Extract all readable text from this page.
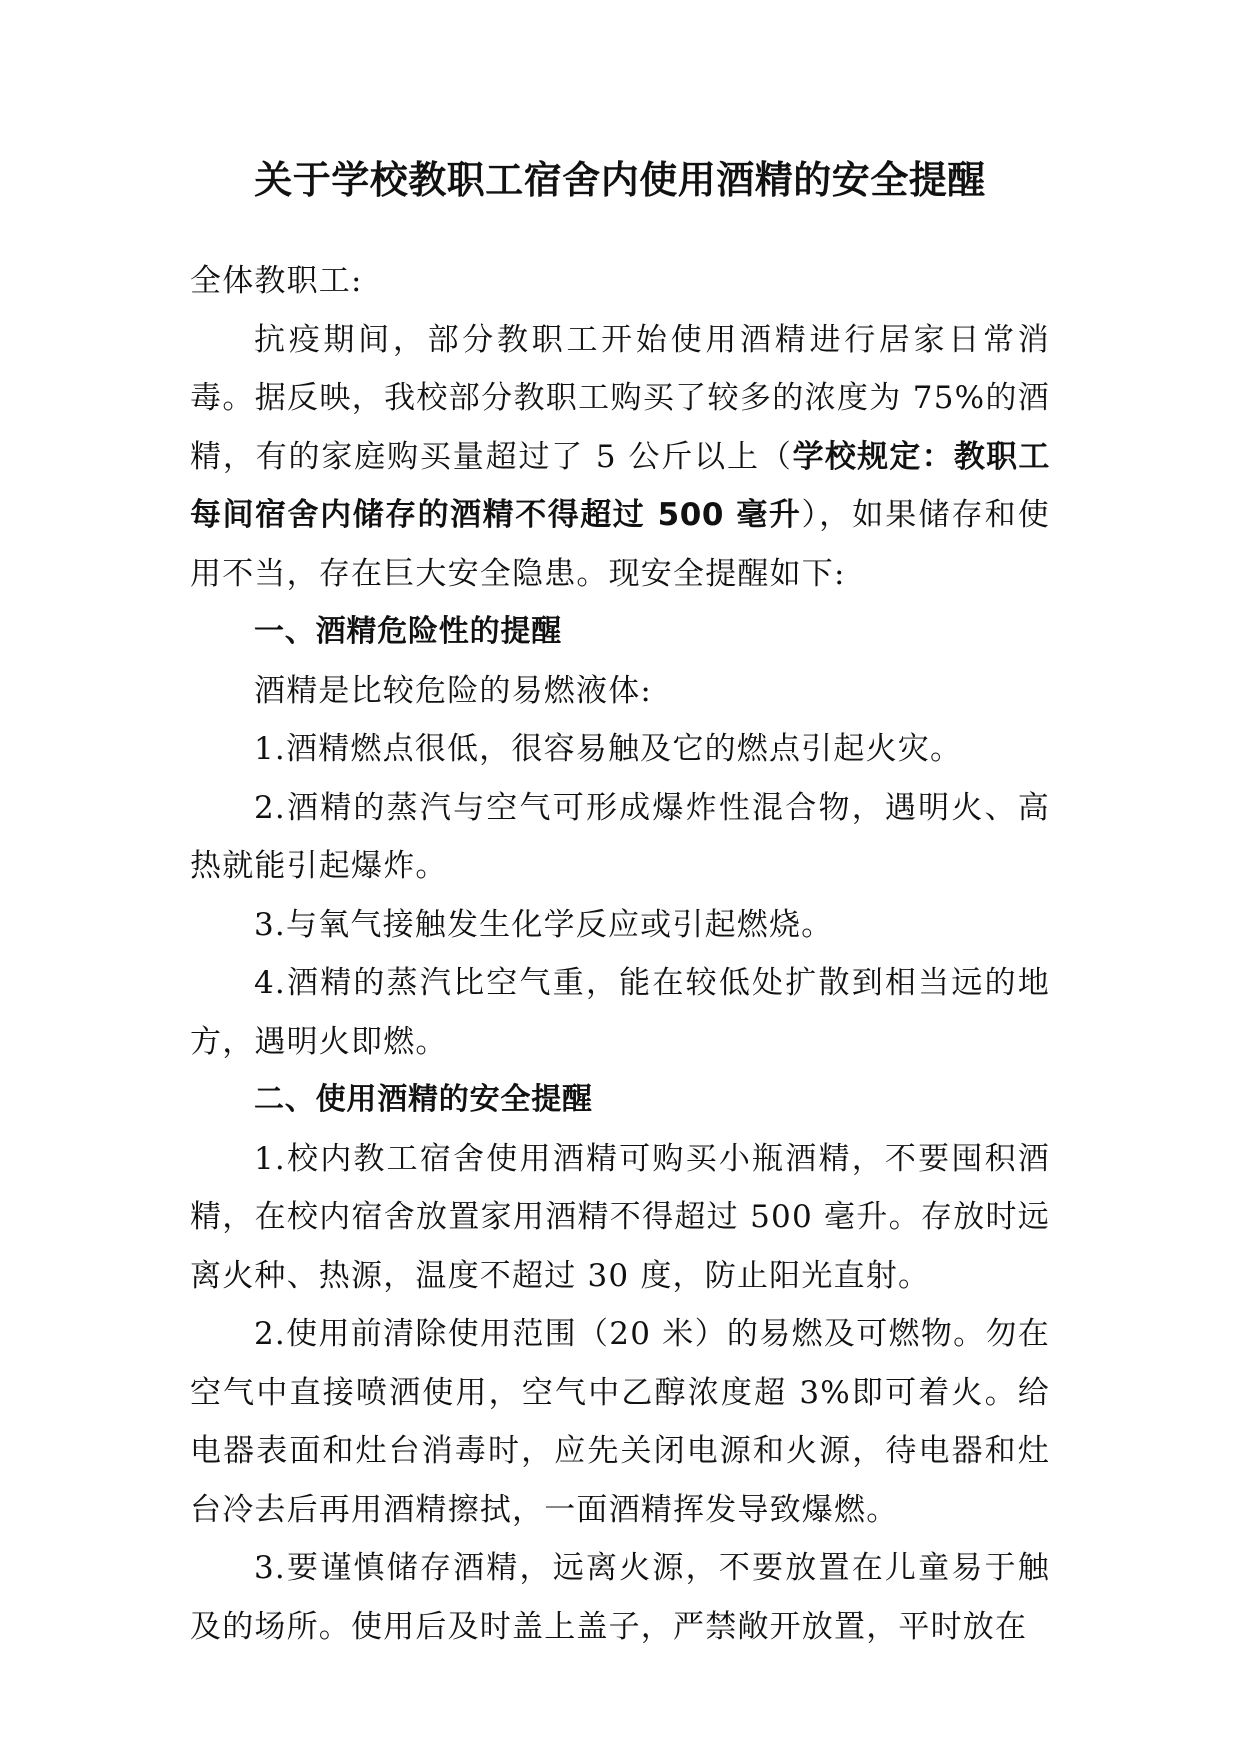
关于学校教职工宿舍内使用酒精的安全提醒

全体教职工:

抗疫期间，部分教职工开始使用酒精进行居家日常消毒。据反映，我校部分教职工购买了较多的浓度为 75%的酒精，有的家庭购买量超过了 5 公斤以上（学校规定：教职工每间宿舍内储存的酒精不得超过 500 毫升），如果储存和使用不当，存在巨大安全隐患。现安全提醒如下:

一、酒精危险性的提醒

酒精是比较危险的易燃液体:

1.酒精燃点很低，很容易触及它的燃点引起火灾。

2.酒精的蒸汽与空气可形成爆炸性混合物，遇明火、高热就能引起爆炸。

3.与氧气接触发生化学反应或引起燃烧。

4.酒精的蒸汽比空气重，能在较低处扩散到相当远的地方，遇明火即燃。

二、使用酒精的安全提醒

1.校内教工宿舍使用酒精可购买小瓶酒精，不要囤积酒精，在校内宿舍放置家用酒精不得超过 500 毫升。存放时远离火种、热源，温度不超过 30 度，防止阳光直射。

2.使用前清除使用范围（20 米）的易燃及可燃物。勿在空气中直接喷洒使用，空气中乙醇浓度超 3%即可着火。给电器表面和灶台消毒时，应先关闭电源和火源，待电器和灶台冷去后再用酒精擦拭，一面酒精挥发导致爆燃。

3.要谨慎储存酒精，远离火源，不要放置在儿童易于触及的场所。使用后及时盖上盖子，严禁敞开放置，平时放在
